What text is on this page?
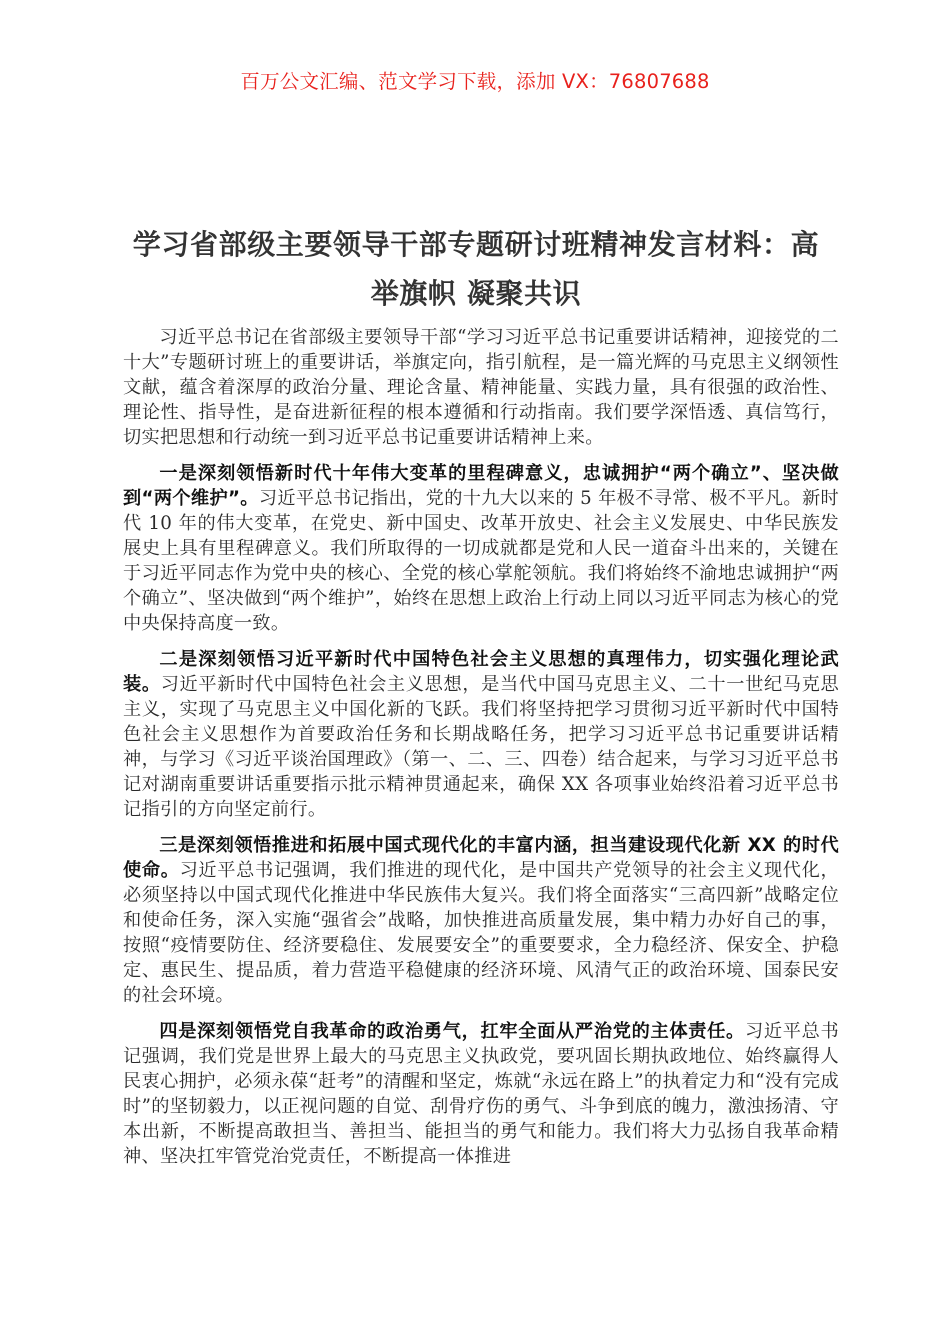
百万公文汇编、范文学习下载，添加 VX：76807688
学习省部级主要领导干部专题研讨班精神发言材料：高举旗帜 凝聚共识

习近平总书记在省部级主要领导干部“学习习近平总书记重要讲话精神，迎接党的二十大”专题研讨班上的重要讲话，举旗定向，指引航程，是一篇光辉的马克思主义纲领性文献，蕴含着深厚的政治分量、理论含量、精神能量、实践力量，具有很强的政治性、理论性、指导性，是奋进新征程的根本遵循和行动指南。我们要学深悟透、真信笃行，切实把思想和行动统一到习近平总书记重要讲话精神上来。

一是深刻领悟新时代十年伟大变革的里程碑意义，忠诚拥护“两个确立”、坚决做到“两个维护”。习近平总书记指出，党的十九大以来的 5 年极不寻常、极不平凡。新时代 10 年的伟大变革，在党史、新中国史、改革开放史、社会主义发展史、中华民族发展史上具有里程碑意义。我们所取得的一切成就都是党和人民一道奋斗出来的，关键在于习近平同志作为党中央的核心、全党的核心掌舵领航。我们将始终不渝地忠诚拥护“两个确立”、坚决做到“两个维护”，始终在思想上政治上行动上同以习近平同志为核心的党中央保持高度一致。

二是深刻领悟习近平新时代中国特色社会主义思想的真理伟力，切实强化理论武装。习近平新时代中国特色社会主义思想，是当代中国马克思主义、二十一世纪马克思主义，实现了马克思主义中国化新的飞跃。我们将坚持把学习贯彻习近平新时代中国特色社会主义思想作为首要政治任务和长期战略任务，把学习习近平总书记重要讲话精神，与学习《习近平谈治国理政》（第一、二、三、四卷）结合起来，与学习习近平总书记对湖南重要讲话重要指示批示精神贯通起来，确保 XX 各项事业始终沿着习近平总书记指引的方向坚定前行。

三是深刻领悟推进和拓展中国式现代化的丰富内涵，担当建设现代化新 XX 的时代使命。习近平总书记强调，我们推进的现代化，是中国共产党领导的社会主义现代化，必须坚持以中国式现代化推进中华民族伟大复兴。我们将全面落实“三高四新”战略定位和使命任务，深入实施“强省会”战略，加快推进高质量发展，集中精力办好自己的事，按照“疫情要防住、经济要稳住、发展要安全”的重要要求，全力稳经济、保安全、护稳定、惠民生、提品质，着力营造平稳健康的经济环境、风清气正的政治环境、国泰民安的社会环境。

四是深刻领悟党自我革命的政治勇气，扛牢全面从严治党的主体责任。习近平总书记强调，我们党是世界上最大的马克思主义执政党，要巩固长期执政地位、始终赢得人民衷心拥护，必须永葆“赶考”的清醒和坚定，炼就“永远在路上”的执着定力和“没有完成时”的坚韧毅力，以正视问题的自觉、刮骨疗伤的勇气、斗争到底的魄力，激浊扬清、守本出新，不断提高敢担当、善担当、能担当的勇气和能力。我们将大力弘扬自我革命精神、坚决扛牢管党治党责任，不断提高一体推进
